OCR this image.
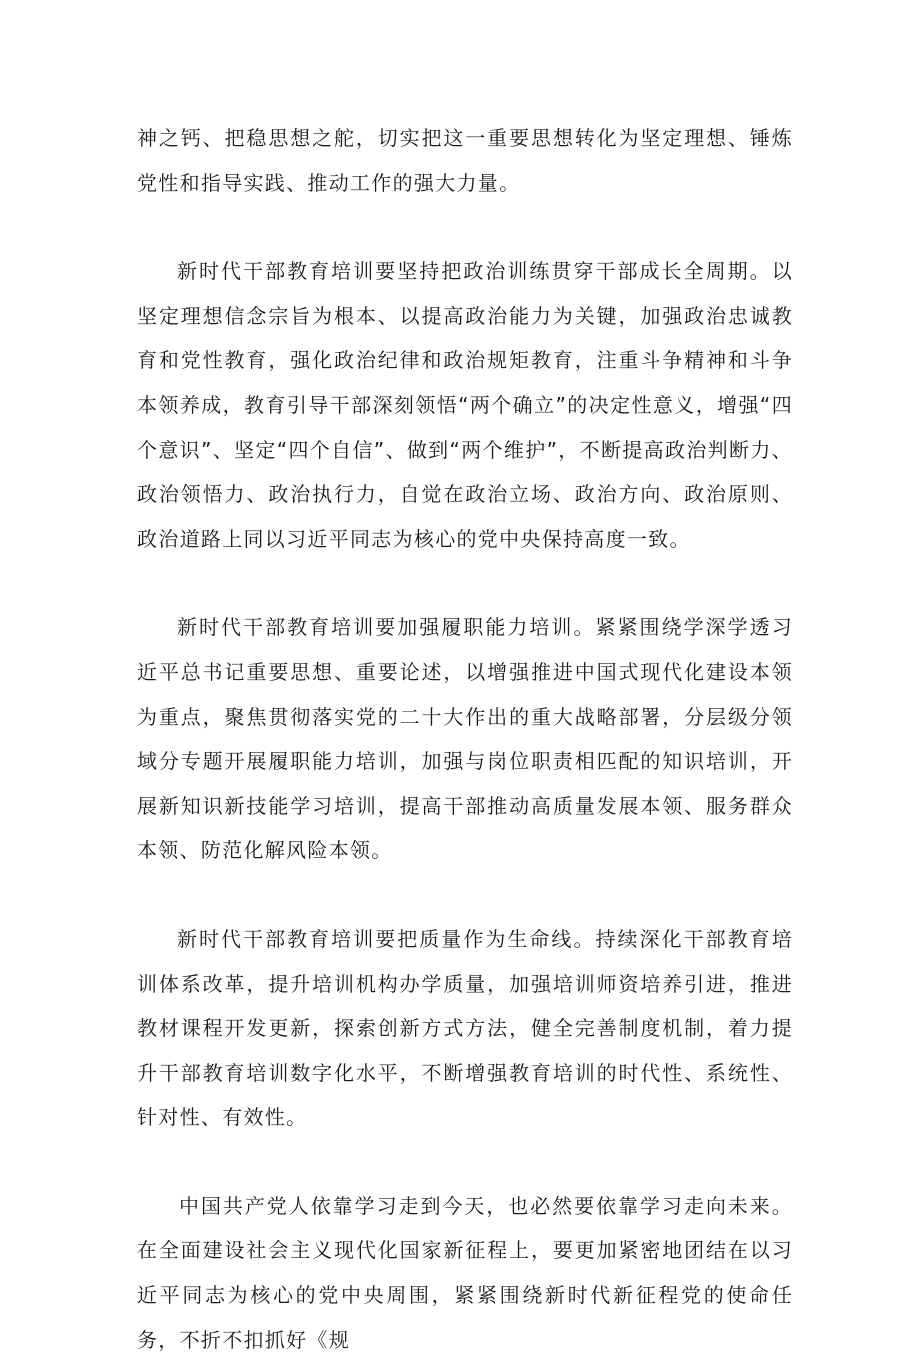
神之钙、把稳思想之舵，切实把这一重要思想转化为坚定理想、锤炼党性和指导实践、推动工作的强大力量。

新时代干部教育培训要坚持把政治训练贯穿干部成长全周期。以坚定理想信念宗旨为根本、以提高政治能力为关键，加强政治忠诚教育和党性教育，强化政治纪律和政治规矩教育，注重斗争精神和斗争本领养成，教育引导干部深刻领悟“两个确立”的决定性意义，增强“四个意识”、坚定“四个自信”、做到“两个维护”，不断提高政治判断力、政治领悟力、政治执行力，自觉在政治立场、政治方向、政治原则、政治道路上同以习近平同志为核心的党中央保持高度一致。

新时代干部教育培训要加强履职能力培训。紧紧围绕学深学透习近平总书记重要思想、重要论述，以增强推进中国式现代化建设本领为重点，聚焦贯彻落实党的二十大作出的重大战略部署，分层级分领域分专题开展履职能力培训，加强与岗位职责相匹配的知识培训，开展新知识新技能学习培训，提高干部推动高质量发展本领、服务群众本领、防范化解风险本领。

新时代干部教育培训要把质量作为生命线。持续深化干部教育培训体系改革，提升培训机构办学质量，加强培训师资培养引进，推进教材课程开发更新，探索创新方式方法，健全完善制度机制，着力提升干部教育培训数字化水平，不断增强教育培训的时代性、系统性、针对性、有效性。

中国共产党人依靠学习走到今天，也必然要依靠学习走向未来。在全面建设社会主义现代化国家新征程上，要更加紧密地团结在以习近平同志为核心的党中央周围，紧紧围绕新时代新征程党的使命任务，不折不扣抓好《规
